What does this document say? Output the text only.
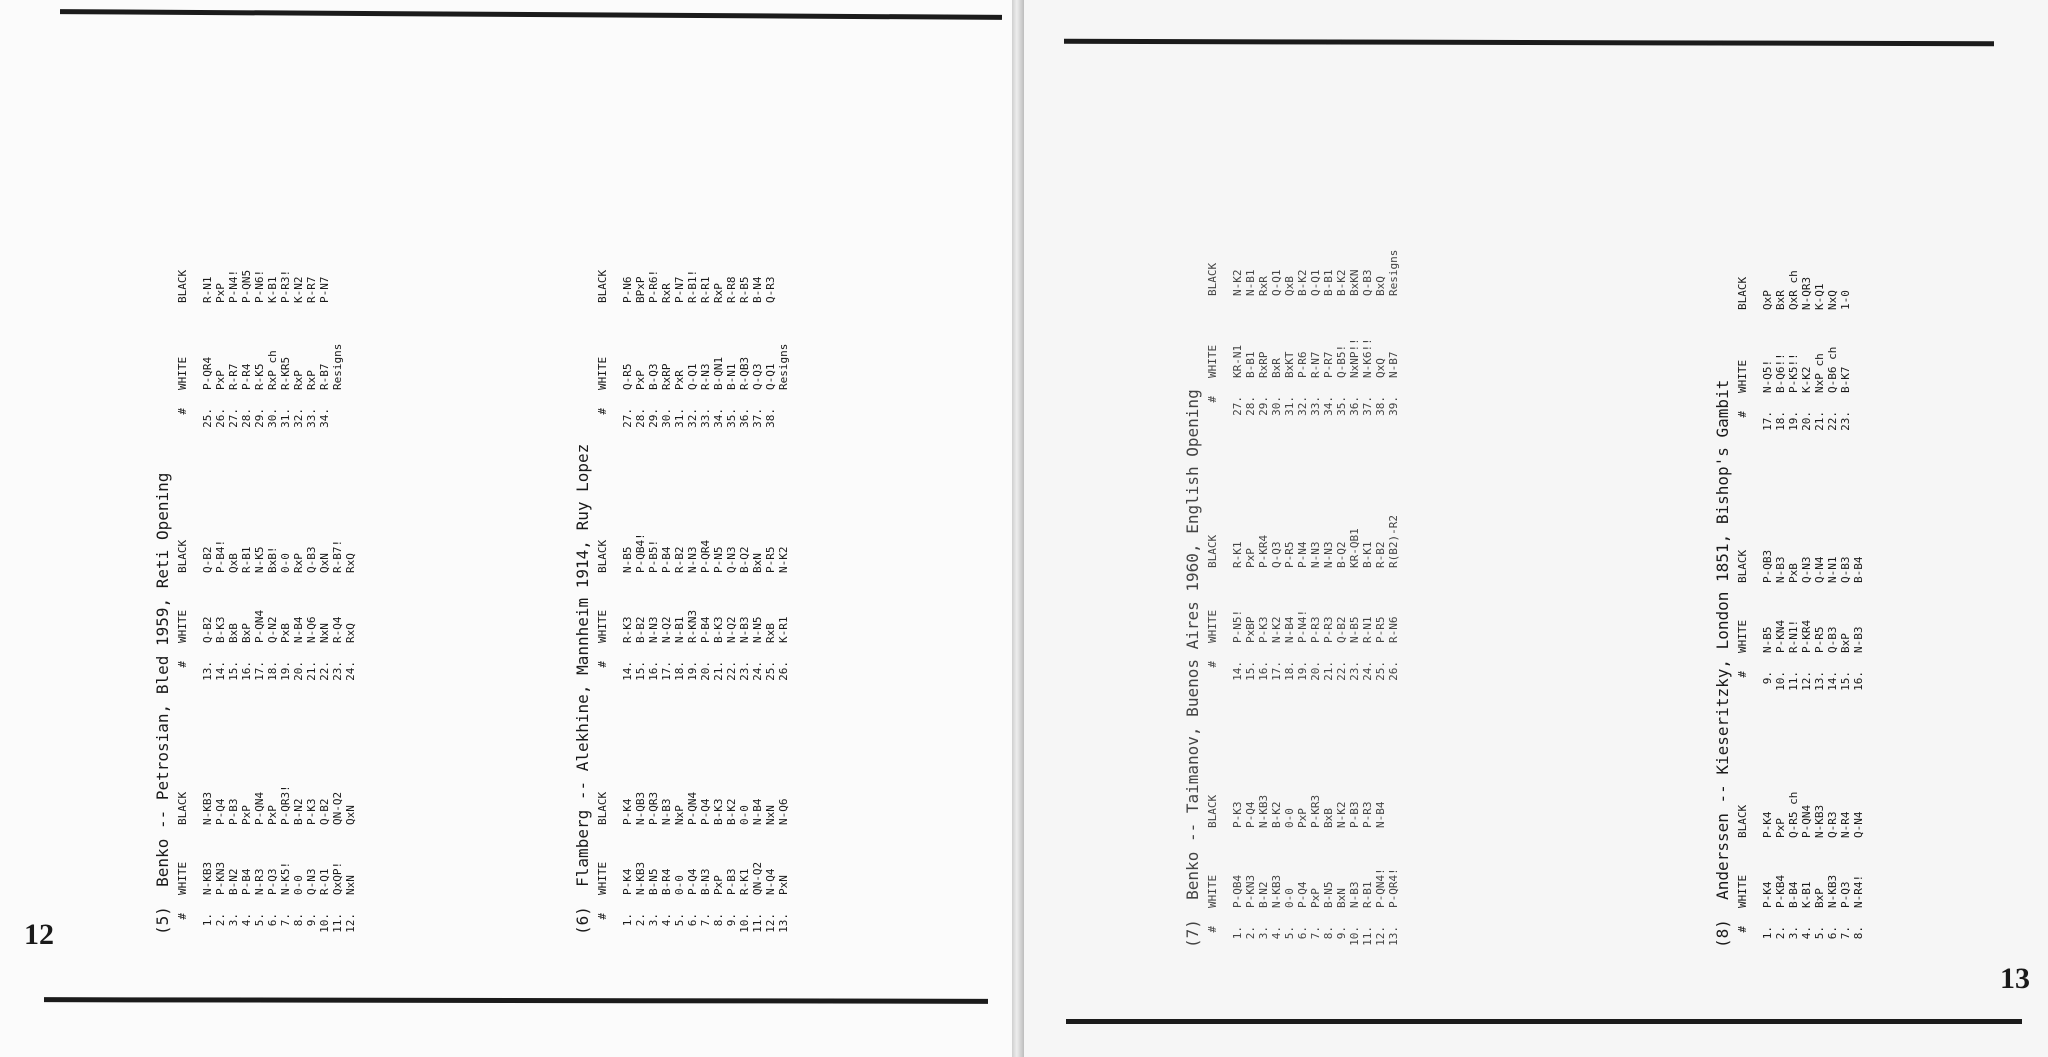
12	(5)  Benko -- Petrosian, Bled 1959, Reti Opening # 1. 2. 3. 4. 5. 6. 7. 8. 9. 10. 11. 12.
WHITE N-KB3 P-KN3 B-N2 P-B4 N-R3 P-Q3 N-K5! 0-0 Q-N3 R-Q1 QxQP! NxN
BLACK N-KB3 P-Q4 P-B3 PxP P-QN4 PxP P-QR3! B-N2 P-K3 Q-B2 QN-Q2 QxN
# 13. 14. 15. 16. 17. 18. 19. 20. 21. 22. 23. 24.
WHITE Q-B2 B-K3 BxB BxP P-QN4 Q-N2 PxB N-B4 N-Q6 NxN R-Q4 RxQ
BLACK Q-B2 P-B4! QxB R-B1 N-K5 BxB! 0-0 RxP Q-B3 QxN R-B7! RxQ
# 25. 26. 27. 28. 29. 30. 31. 32. 33. 34.
WHITE P-QR4 PxP R-R7 P-R4 R-K5 RxP ch R-KR5 RxP RxP R-B7 Resigns
BLACK R-N1 PxP P-N4! P-QN5 P-N6! K-B1 P-R3! K-N2 R-R7 P-N7
(6)  Flamberg -- Alekhine, Mannheim 1914, Ruy Lopez # 1. 2. 3. 4. 5. 6. 7. 8. 9. 10. 11. 12. 13.
WHITE P-K4 N-KB3 B-N5 B-R4 0-0 P-Q4 B-N3 PxP P-B3 R-K1 QN-Q2 N-Q4 PxN
BLACK P-K4 N-QB3 P-QR3 N-B3 NxP P-QN4 P-Q4 B-K3 B-K2 0-0 N-B4 NxN N-Q6
# 14. 15. 16. 17. 18. 19. 20. 21. 22. 23. 24. 25. 26.
WHITE R-K3 B-B2 N-N3 N-Q2 N-B1 R-KN3 P-B4 B-K3 N-Q2 N-B3 N-N5 RxB K-R1
BLACK N-B5 P-QB4! P-B5! P-B4 R-B2 N-N3 P-QR4 P-N5 Q-N3 B-Q2 BxN P-R5 N-K2
# 27. 28. 29. 30. 31. 32. 33. 34. 35. 36. 37. 38.
WHITE Q-R5 PxP B-Q3 RxRP PxR Q-Q1 R-N3 B-QN1 B-N1 R-QB3 Q-Q3 Q-Q1 Resigns
BLACK P-N6 BPxP P-R6! RxR P-N7 R-B1! R-R1 RxP R-R8 R-B5 B-N4 Q-R3
13
(7)  Benko -- Taimanov, Buenos Aires 1960, English Opening # 1. 2. 3. 4. 5. 6. 7. 8. 9. 10. 11. 12. 13.
WHITE P-QB4 P-KN3 B-N2 N-KB3 0-0 P-Q4 PxP B-N5 BxN N-B3 R-B1 P-QN4! P-QR4!
BLACK P-K3 P-Q4 N-KB3 B-K2 0-0 PxP P-KR3 BxB N-K2 P-B3 P-R3 N-B4
# 14. 15. 16. 17. 18. 19. 20. 21. 22. 23. 24. 25. 26.
WHITE P-N5! PxBP P-K3 N-K2 N-B4 P-N4! P-R3 P-R3 Q-B2 N-B5 R-N1 P-R5 R-N6
BLACK R-K1 PxP P-KR4 Q-Q3 P-R5 P-N4 N-N3 N-N3 B-Q2 KR-QB1 B-K1 R-B2 R(B2)-R2
# 27. 28. 29. 30. 31. 32. 33. 34. 35. 36. 37. 38. 39.
WHITE KR-N1 B-B1 RxRP BxR BxKT P-R6 R-N7 P-R7 Q-B5! NxNP!! N-K6!! QxQ N-B7
BLACK N-K2 N-B1 RxR Q-Q1 QxB B-K2 Q-Q1 B-B1 B-K2 BxKN Q-B3 BxQ Resigns
(8)  Anderssen -- Kieseritzky, London 1851, Bishop's Gambit # 1. 2. 3. 4. 5. 6. 7. 8.
WHITE P-K4 P-KB4 B-B4 K-B1 BxP N-KB3 P-Q3 N-R4!
BLACK P-K4 PxP Q-R5 ch P-QN4 N-KB3 Q-R3 N-R4 Q-N4
# 9. 10. 11. 12. 13. 14. 15. 16.
WHITE N-B5 P-KN4 R-N1! P-KR4 P-R5 Q-B3 BxP N-B3
BLACK P-QB3 N-B3 PxB Q-N3 Q-N4 N-N1 Q-B3 B-B4
# 17. 18. 19. 20. 21. 22. 23.
WHITE N-Q5! B-Q6!! P-K5!! K-K2 NxP ch Q-B6 ch B-K7
BLACK QxP BxR QxR ch N-QR3 K-Q1 NxQ 1-0
